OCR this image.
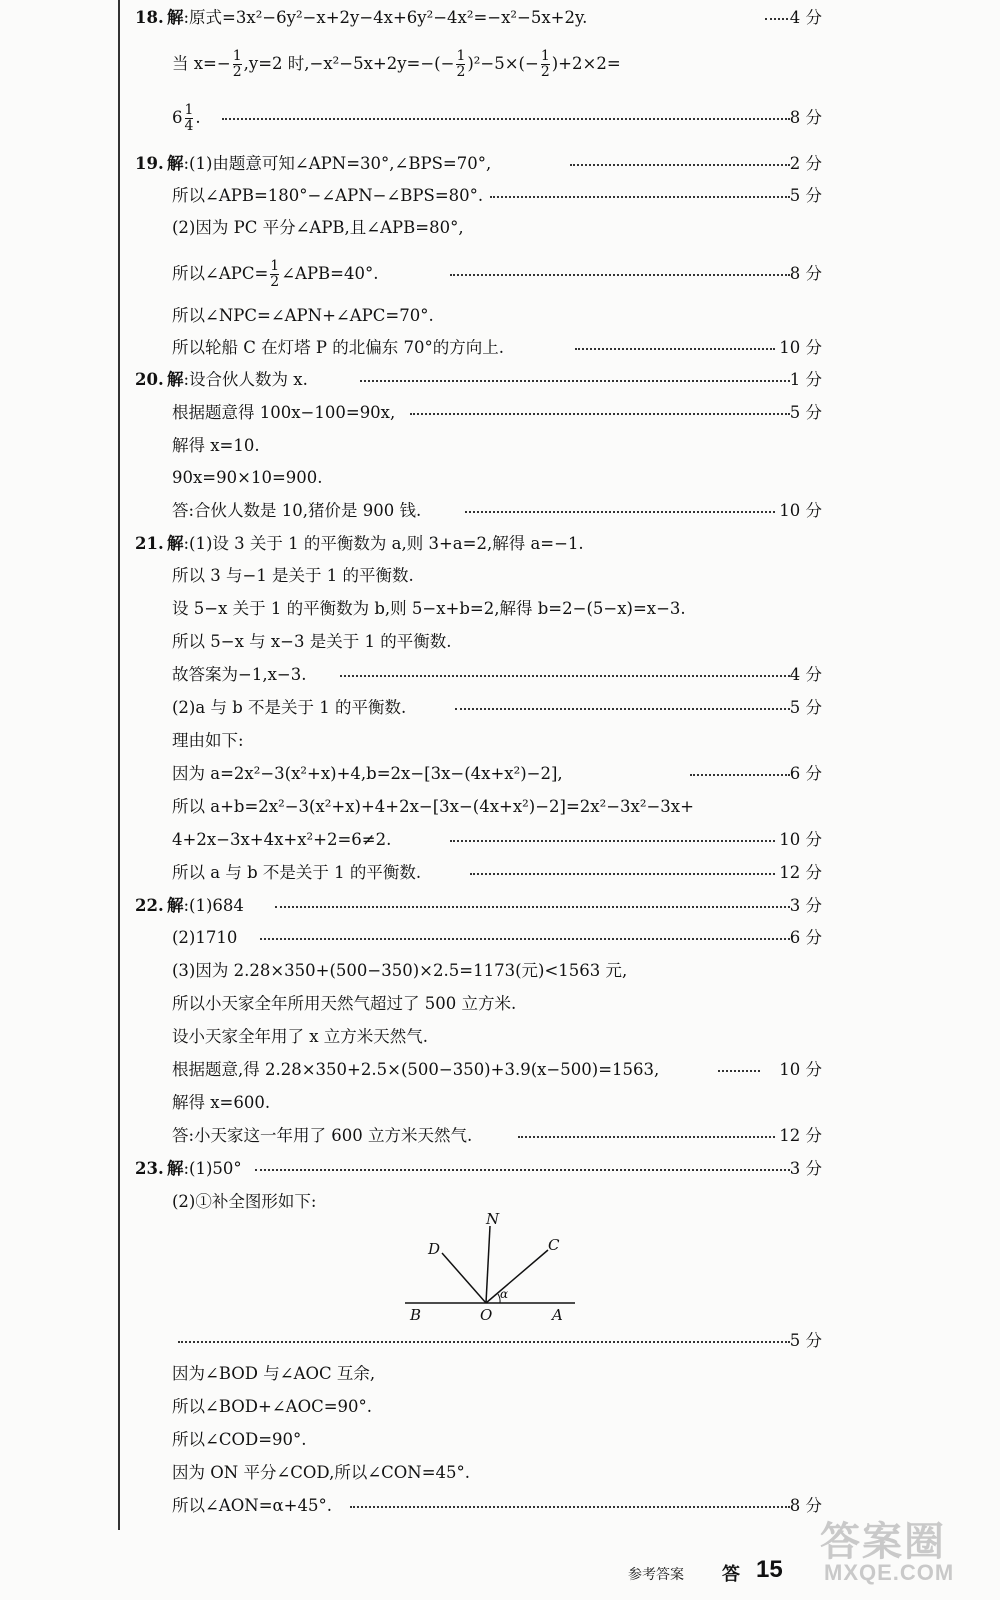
18. 解:原式=3x²−6y²−x+2y−4x+6y²−4x²=−x²−5x+2y.	4 分
当 $x=- \frac{1}{2} ,y=2$ 时$,-x^2-5x+2y=-(- \frac{1}{2} )^2-5\times(- \frac{1}{2} )+2\times 2=$
$6 \frac{1}{4}$ .	8 分
19. 解:(1)由题意可知∠APN=30°,∠BPS=70°,	2 分
所以∠APB=180°−∠APN−∠BPS=80°.	5 分
(2)因为 PC 平分∠APB,且∠APB=80°,
所以∠APC= $\frac{1}{2}$ ∠APB=40°.	8 分
所以∠NPC=∠APN+∠APC=70°.
所以轮船 C 在灯塔 P 的北偏东 70°的方向上.	10 分
20. 解:设合伙人数为 x.	1 分
根据题意得 100x−100=90x,	5 分
解得 x=10.
90x=90×10=900.
答:合伙人数是 10,猪价是 900 钱.	10 分
21. 解:(1)设 3 关于 1 的平衡数为 a,则 3+a=2,解得 a=−1.
所以 3 与−1 是关于 1 的平衡数.
设 5−x 关于 1 的平衡数为 b,则 5−x+b=2,解得 b=2−(5−x)=x−3.
所以 5−x 与 x−3 是关于 1 的平衡数.
故答案为−1,x−3.	4 分
(2)a 与 b 不是关于 1 的平衡数.	5 分
理由如下:
因为 a=2x²−3(x²+x)+4,b=2x−[3x−(4x+x²)−2],	6 分
所以 a+b=2x²−3(x²+x)+4+2x−[3x−(4x+x²)−2]=2x²−3x²−3x+
4+2x−3x+4x+x²+2=6≠2.	10 分
所以 a 与 b 不是关于 1 的平衡数.	12 分
22. 解:(1)684	3 分
(2)1710	6 分
(3)因为 2.28×350+(500−350)×2.5=1173(元)<1563 元,
所以小天家全年所用天然气超过了 500 立方米.
设小天家全年用了 x 立方米天然气.
根据题意,得 2.28×350+2.5×(500−350)+3.9(x−500)=1563,	10 分
解得 x=600.
答:小天家这一年用了 600 立方米天然气.	12 分
23. 解:(1)50°	3 分
(2)①补全图形如下:
5 分
因为∠BOD 与∠AOC 互余,
所以∠BOD+∠AOC=90°.
所以∠COD=90°.
因为 ON 平分∠COD,所以∠CON=45°.
所以∠AON=α+45°.	8 分
N
D	C
B	O	A
α
参考答案 答 15
答案圈
MXQE.COM
